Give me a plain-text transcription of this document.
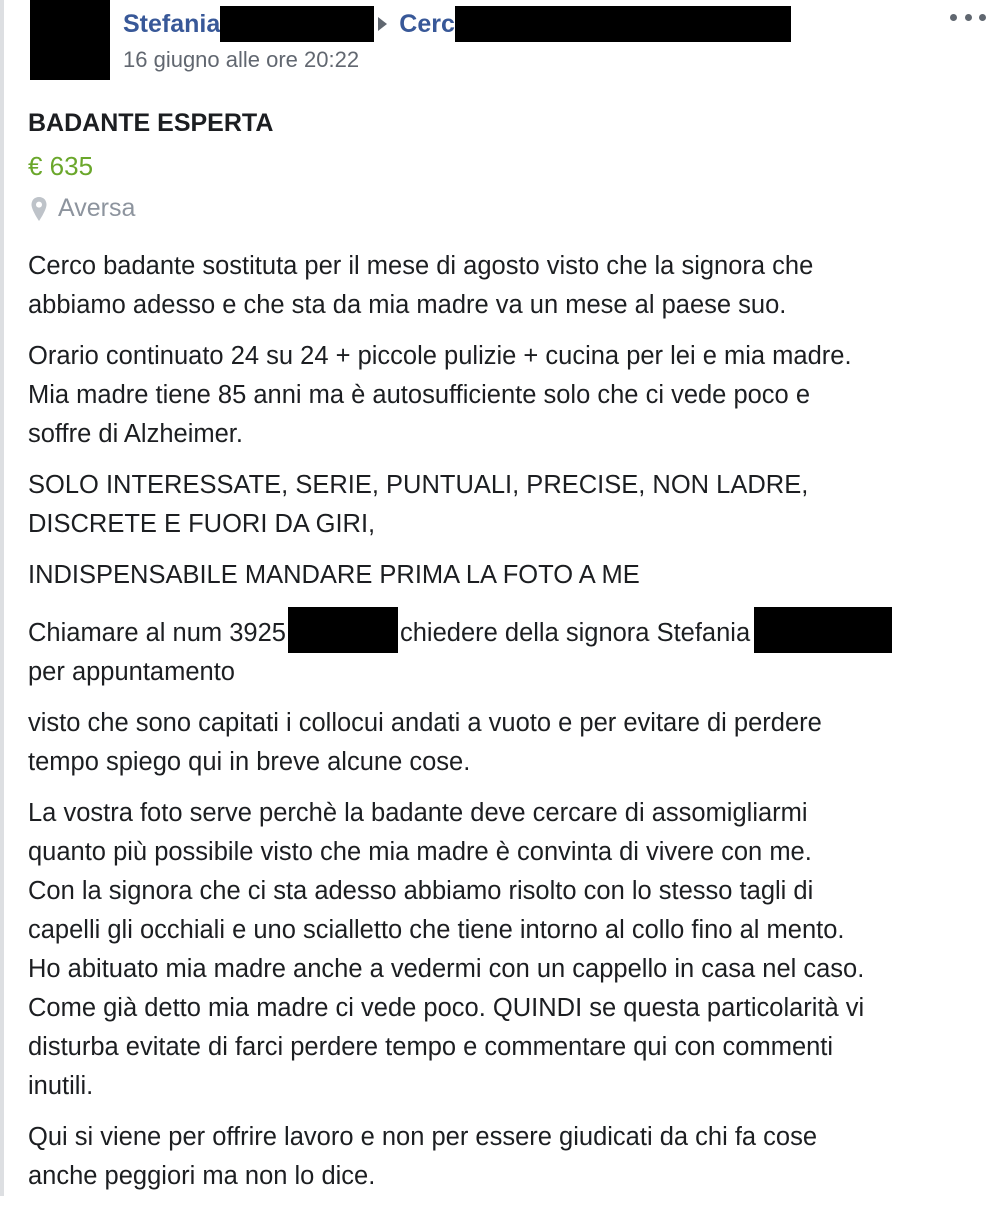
Stefania	Cerc
16 giugno alle ore 20:22
BADANTE ESPERTA
€ 635
Aversa

Cerco badante sostituta per il mese di agosto visto che la signora che
abbiamo adesso e che sta da mia madre va un mese al paese suo.

Orario continuato 24 su 24 + piccole pulizie + cucina per lei e mia madre.
Mia madre tiene 85 anni ma è autosufficiente solo che ci vede poco e
soffre di Alzheimer.

SOLO INTERESSATE, SERIE, PUNTUALI, PRECISE, NON LADRE,
DISCRETE E FUORI DA GIRI,

INDISPENSABILE MANDARE PRIMA LA FOTO A ME

Chiamare al num 3925	chiedere della signora Stefania
per appuntamento

visto che sono capitati i collocui andati a vuoto e per evitare di perdere
tempo spiego qui in breve alcune cose.

La vostra foto serve perchè la badante deve cercare di assomigliarmi
quanto più possibile visto che mia madre è convinta di vivere con me.
Con la signora che ci sta adesso abbiamo risolto con lo stesso tagli di
capelli gli occhiali e uno scialletto che tiene intorno al collo fino al mento.
Ho abituato mia madre anche a vedermi con un cappello in casa nel caso.
Come già detto mia madre ci vede poco. QUINDI se questa particolarità vi
disturba evitate di farci perdere tempo e commentare qui con commenti
inutili.

Qui si viene per offrire lavoro e non per essere giudicati da chi fa cose
anche peggiori ma non lo dice.
